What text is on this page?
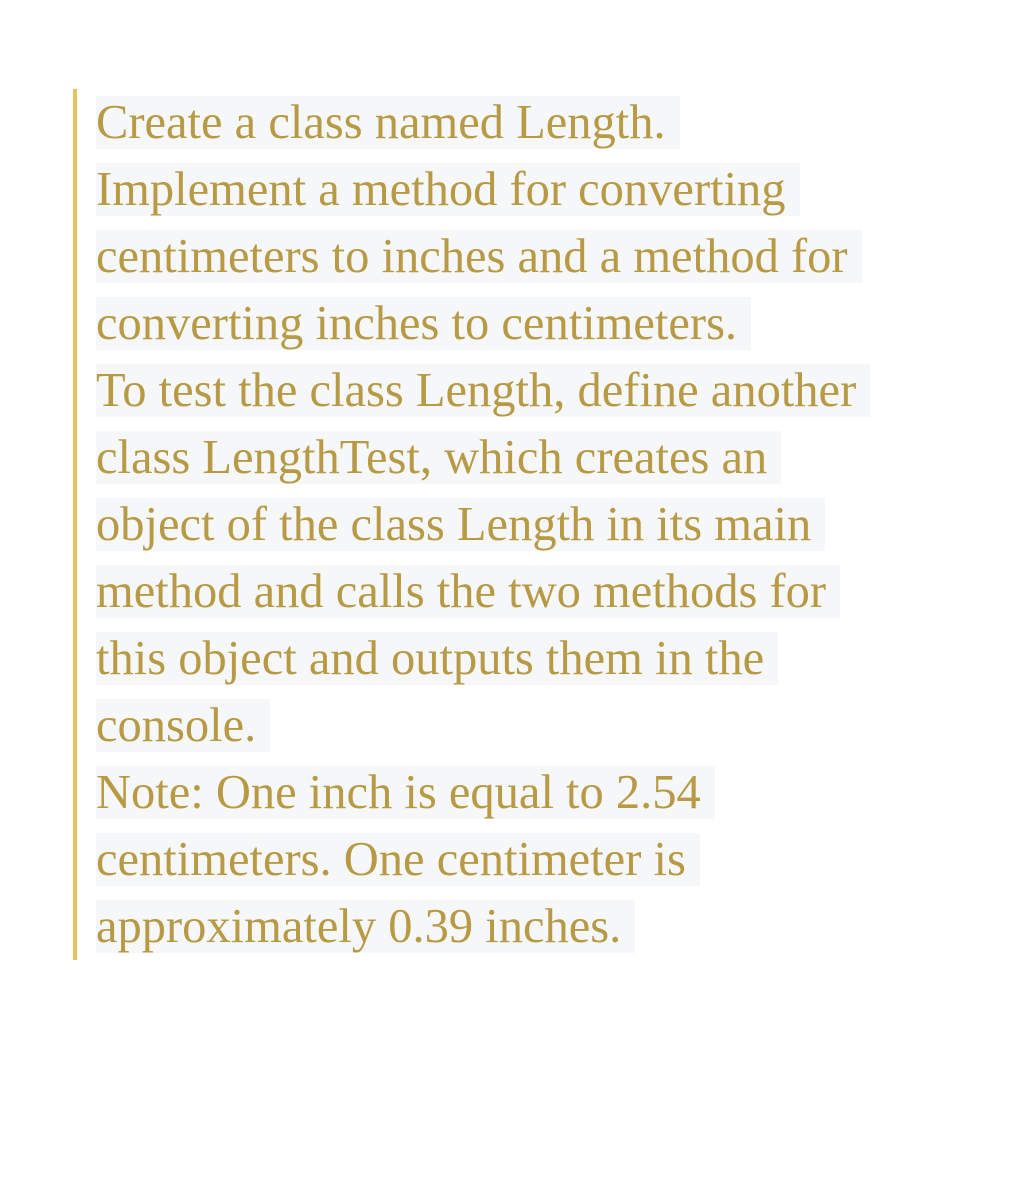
Create a class named Length.
Implement a method for converting
centimeters to inches and a method for
converting inches to centimeters.
To test the class Length, define another
class LengthTest, which creates an
object of the class Length in its main
method and calls the two methods for
this object and outputs them in the
console.
Note: One inch is equal to 2.54
centimeters. One centimeter is
approximately 0.39 inches.
